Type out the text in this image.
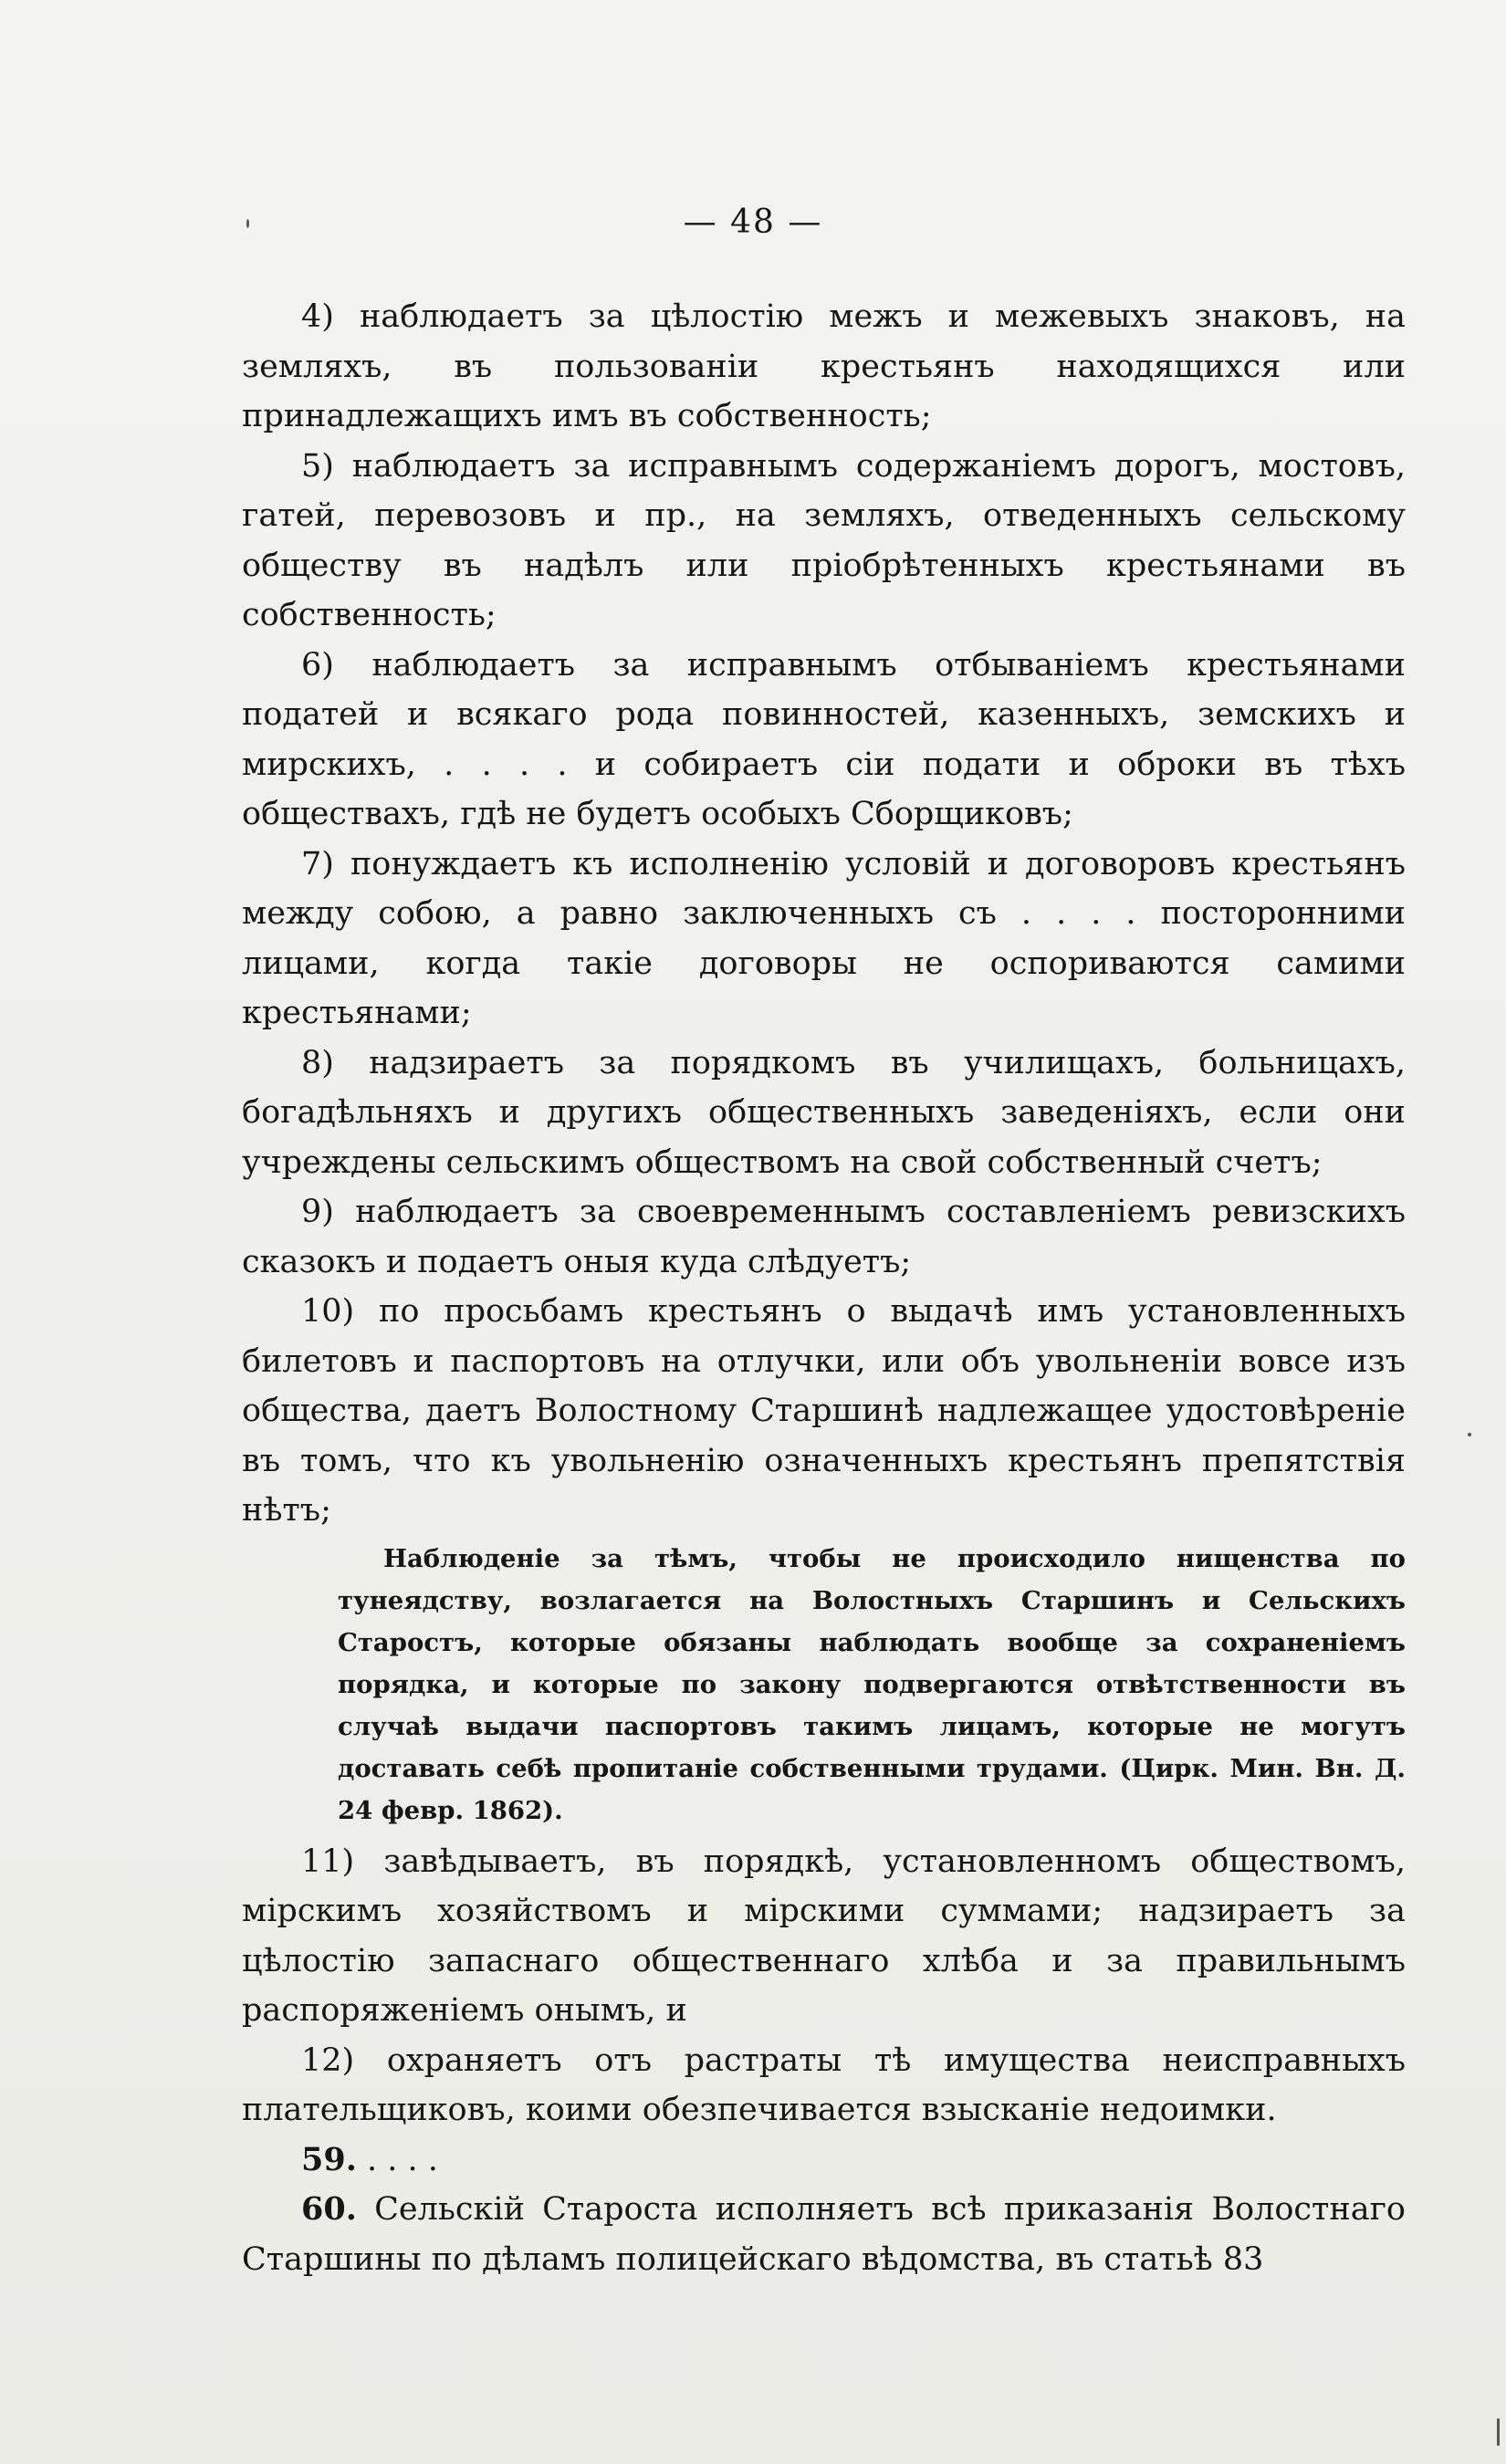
— 48 —

4) наблюдаетъ за цѣлостію межъ и межевыхъ знаковъ, на земляхъ, въ пользованіи крестьянъ находящихся или принадлежащихъ имъ въ собственность;

5) наблюдаетъ за исправнымъ содержаніемъ дорогъ, мостовъ, гатей, перевозовъ и пр., на земляхъ, отведенныхъ сельскому обществу въ надѣлъ или пріобрѣтенныхъ крестьянами въ собственность;

6) наблюдаетъ за исправнымъ отбываніемъ крестьянами податей и всякаго рода повинностей, казенныхъ, земскихъ и мирскихъ, . . . . и собираетъ сіи подати и оброки въ тѣхъ обществахъ, гдѣ не будетъ особыхъ Сборщиковъ;

7) понуждаетъ къ исполненію условій и договоровъ крестьянъ между собою, а равно заключенныхъ съ . . . . посторонними лицами, когда такіе договоры не оспориваются самими крестьянами;

8) надзираетъ за порядкомъ въ училищахъ, больницахъ, богадѣльняхъ и другихъ общественныхъ заведеніяхъ, если они учреждены сельскимъ обществомъ на свой собственный счетъ;

9) наблюдаетъ за своевременнымъ составленіемъ ревизскихъ сказокъ и подаетъ оныя куда слѣдуетъ;

10) по просьбамъ крестьянъ о выдачѣ имъ установленныхъ билетовъ и паспортовъ на отлучки, или объ увольненіи вовсе изъ общества, даетъ Волостному Старшинѣ надлежащее удостовѣреніе въ томъ, что къ увольненію означенныхъ крестьянъ препятствія нѣтъ;

Наблюденіе за тѣмъ, чтобы не происходило нищенства по тунеядству, возлагается на Волостныхъ Старшинъ и Сельскихъ Старостъ, которые обязаны наблюдать вообще за сохраненіемъ порядка, и которые по закону подвергаются отвѣтственности въ случаѣ выдачи паспортовъ такимъ лицамъ, которые не могутъ доставать себѣ пропитаніе собственными трудами. (Цирк. Мин. Вн. Д. 24 февр. 1862).

11) завѣдываетъ, въ порядкѣ, установленномъ обществомъ, мірскимъ хозяйствомъ и мірскими суммами; надзираетъ за цѣлостію запаснаго общественнаго хлѣба и за правильнымъ распоряженіемъ онымъ, и

12) охраняетъ отъ растраты тѣ имущества неисправныхъ плательщиковъ, коими обезпечивается взысканіе недоимки.

59. . . . .

60. Сельскій Староста исполняетъ всѣ приказанія Волостнаго Старшины по дѣламъ полицейскаго вѣдомства, въ статьѣ 83
